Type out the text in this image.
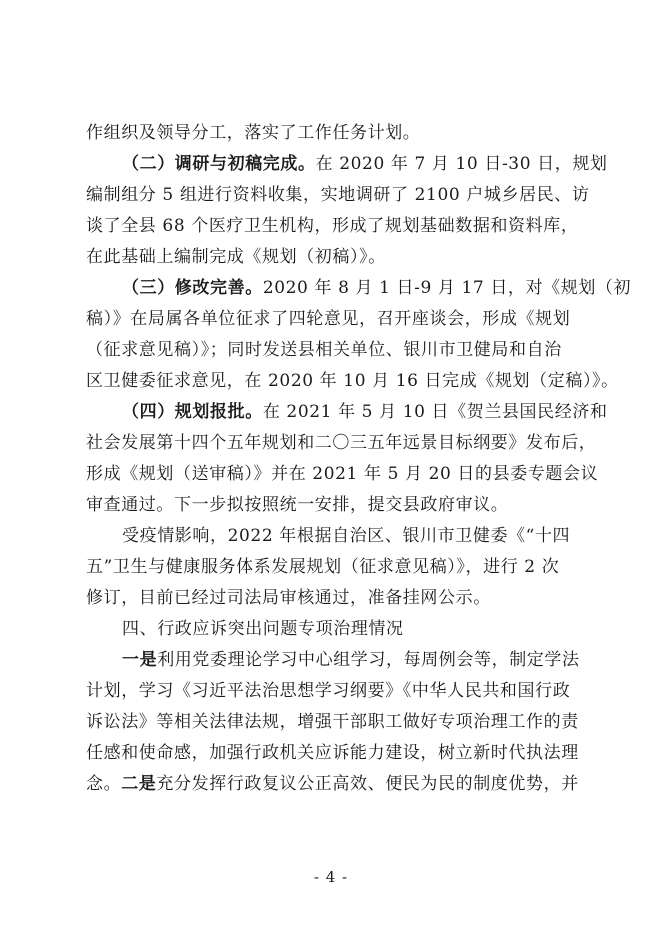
作组织及领导分工，落实了工作任务计划。
（二）调研与初稿完成。在 2020 年 7 月 10 日-30 日，规划
编制组分 5 组进行资料收集，实地调研了 2100 户城乡居民、访
谈了全县 68 个医疗卫生机构，形成了规划基础数据和资料库，
在此基础上编制完成《规划（初稿）》。
（三）修改完善。2020 年 8 月 1 日-9 月 17 日，对《规划（初
稿）》在局属各单位征求了四轮意见，召开座谈会，形成《规划
（征求意见稿）》；同时发送县相关单位、银川市卫健局和自治
区卫健委征求意见，在 2020 年 10 月 16 日完成《规划（定稿）》。
（四）规划报批。在 2021 年 5 月 10 日《贺兰县国民经济和
社会发展第十四个五年规划和二〇三五年远景目标纲要》发布后，
形成《规划（送审稿）》并在 2021 年 5 月 20 日的县委专题会议
审查通过。下一步拟按照统一安排，提交县政府审议。
受疫情影响，2022 年根据自治区、银川市卫健委《“十四
五”卫生与健康服务体系发展规划（征求意见稿）》，进行 2 次
修订，目前已经过司法局审核通过，准备挂网公示。
四、行政应诉突出问题专项治理情况
一是利用党委理论学习中心组学习，每周例会等，制定学法
计划，学习《习近平法治思想学习纲要》《中华人民共和国行政
诉讼法》等相关法律法规，增强干部职工做好专项治理工作的责
任感和使命感，加强行政机关应诉能力建设，树立新时代执法理
念。二是充分发挥行政复议公正高效、便民为民的制度优势，并
- 4 -
